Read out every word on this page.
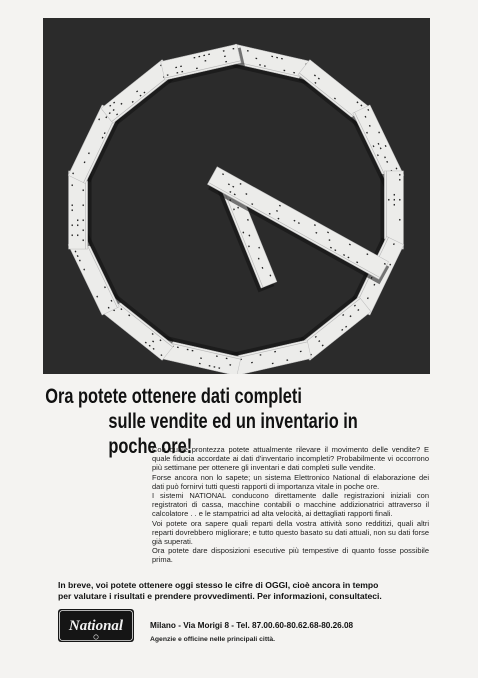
Ora potete ottenere dati completi
sulle vendite ed un inventario in poche ore!

Con quale prontezza potete attualmente rilevare il movimento delle vendite? E quale fiducia accordate ai dati d'inventario incompleti? Probabilmente vi occorrono più settimane per ottenere gli inventari e dati completi sulle vendite.

Forse ancora non lo sapete; un sistema Elettronico National di elaborazione dei dati può fornirvi tutti questi rapporti di importanza vitale in poche ore.

I sistemi NATIONAL conducono direttamente dalle registrazioni iniziali con registratori di cassa, macchine contabili o macchine addizionatrici attraverso il calcolatore . . e le stampatrici ad alta velocità, ai dettagliati rapporti finali.

Voi potete ora sapere quali reparti della vostra attività sono redditizi, quali altri reparti dovrebbero migliorare; e tutto questo basato su dati attuali, non su dati forse già superati.

Ora potete dare disposizioni esecutive più tempestive di quanto fosse possibile prima.

In breve, voi potete ottenere oggi stesso le cifre di OGGI, cioè ancora in tempo

per valutare i risultati e prendere provvedimenti. Per informazioni, consultateci.

National	Milano - Via Morigi 8 - Tel. 87.00.60-80.62.68-80.26.08
Agenzie e officine nelle principali città.
